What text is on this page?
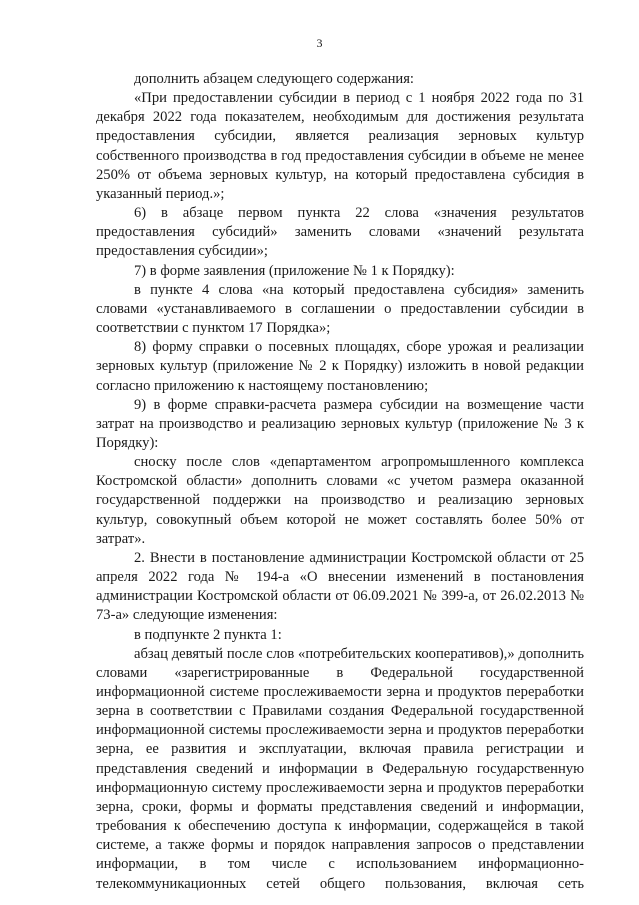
3

дополнить абзацем следующего содержания:

«При предоставлении субсидии в период с 1 ноября 2022 года по 31 декабря 2022 года показателем, необходимым для достижения результата предоставления субсидии, является реализация зерновых культур собственного производства в год предоставления субсидии в объеме не менее 250% от объема зерновых культур, на который предоставлена субсидия в указанный период.»;

6) в абзаце первом пункта 22 слова «значения результатов предоставления субсидий» заменить словами «значений результата предоставления субсидии»;

7) в форме заявления (приложение № 1 к Порядку):

в пункте 4 слова «на который предоставлена субсидия» заменить словами «устанавливаемого в соглашении о предоставлении субсидии в соответствии с пунктом 17 Порядка»;

8) форму справки о посевных площадях, сборе урожая и реализации зерновых культур (приложение № 2 к Порядку) изложить в новой редакции согласно приложению к настоящему постановлению;

9) в форме справки-расчета размера субсидии на возмещение части затрат на производство и реализацию зерновых культур (приложение № 3 к Порядку):

сноску после слов «департаментом агропромышленного комплекса Костромской области» дополнить словами «с учетом размера оказанной государственной поддержки на производство и реализацию зерновых культур, совокупный объем которой не может составлять более 50% от затрат».

2. Внести в постановление администрации Костромской области от 25 апреля 2022 года № 194-а «О внесении изменений в постановления администрации Костромской области от 06.09.2021 № 399-а, от 26.02.2013 № 73-а» следующие изменения:

в подпункте 2 пункта 1:

абзац девятый после слов «потребительских кооперативов),» дополнить словами «зарегистрированные в Федеральной государственной информационной системе прослеживаемости зерна и продуктов переработки зерна в соответствии с Правилами создания Федеральной государственной информационной системы прослеживаемости зерна и продуктов переработки зерна, ее развития и эксплуатации, включая правила регистрации и представления сведений и информации в Федеральную государственную информационную систему прослеживаемости зерна и продуктов переработки зерна, сроки, формы и форматы представления сведений и информации, требования к обеспечению доступа к информации, содержащейся в такой системе, а также формы и порядок направления запросов о представлении информации, в том числе с использованием информационно-телекоммуникационных сетей общего пользования, включая сеть
